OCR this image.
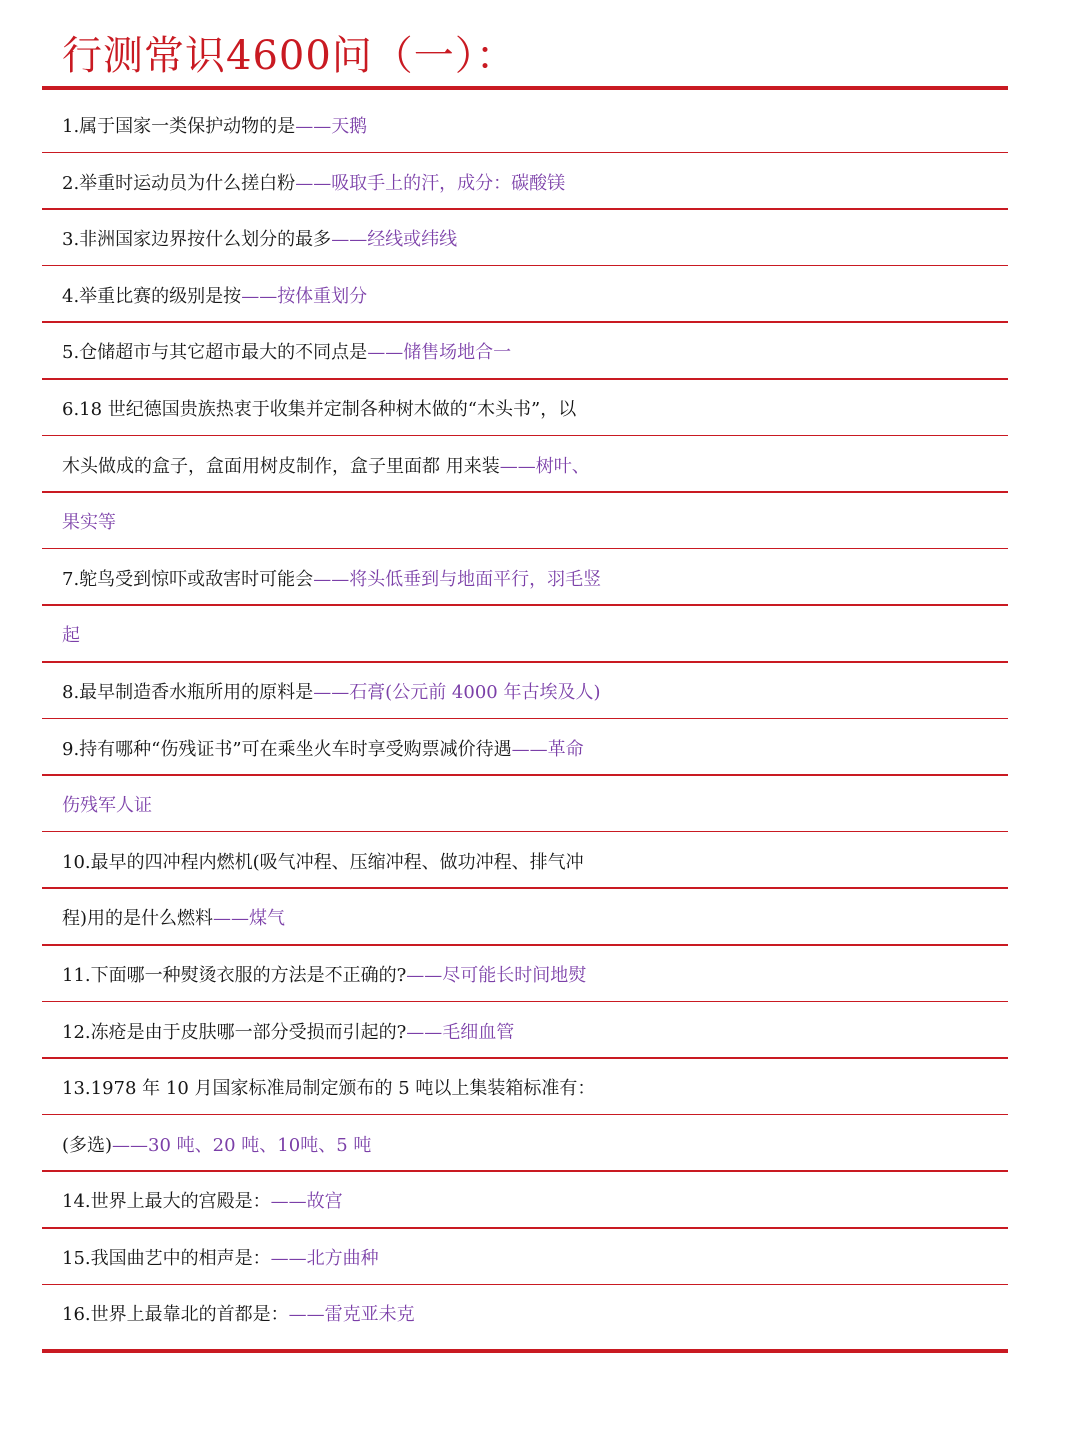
行测常识4600问（一）：
1.属于国家一类保护动物的是——天鹅
2.举重时运动员为什么搓白粉——吸取手上的汗，成分：碳酸镁
3.非洲国家边界按什么划分的最多——经线或纬线
4.举重比赛的级别是按——按体重划分
5.仓储超市与其它超市最大的不同点是——储售场地合一
6.18 世纪德国贵族热衷于收集并定制各种树木做的“木头书”，以
木头做成的盒子，盒面用树皮制作，盒子里面都 用来装——树叶、
果实等
7.鸵鸟受到惊吓或敌害时可能会——将头低垂到与地面平行，羽毛竖
起
8.最早制造香水瓶所用的原料是——石膏(公元前 4000 年古埃及人)
9.持有哪种“伤残证书”可在乘坐火车时享受购票减价待遇——革命
伤残军人证
10.最早的四冲程内燃机(吸气冲程、压缩冲程、做功冲程、排气冲
程)用的是什么燃料——煤气
11.下面哪一种熨烫衣服的方法是不正确的?——尽可能长时间地熨
12.冻疮是由于皮肤哪一部分受损而引起的?——毛细血管
13.1978 年 10 月国家标准局制定颁布的 5 吨以上集装箱标准有：
(多选)——30 吨、20 吨、10吨、5 吨
14.世界上最大的宫殿是：——故宫
15.我国曲艺中的相声是：——北方曲种
16.世界上最靠北的首都是：——雷克亚未克
